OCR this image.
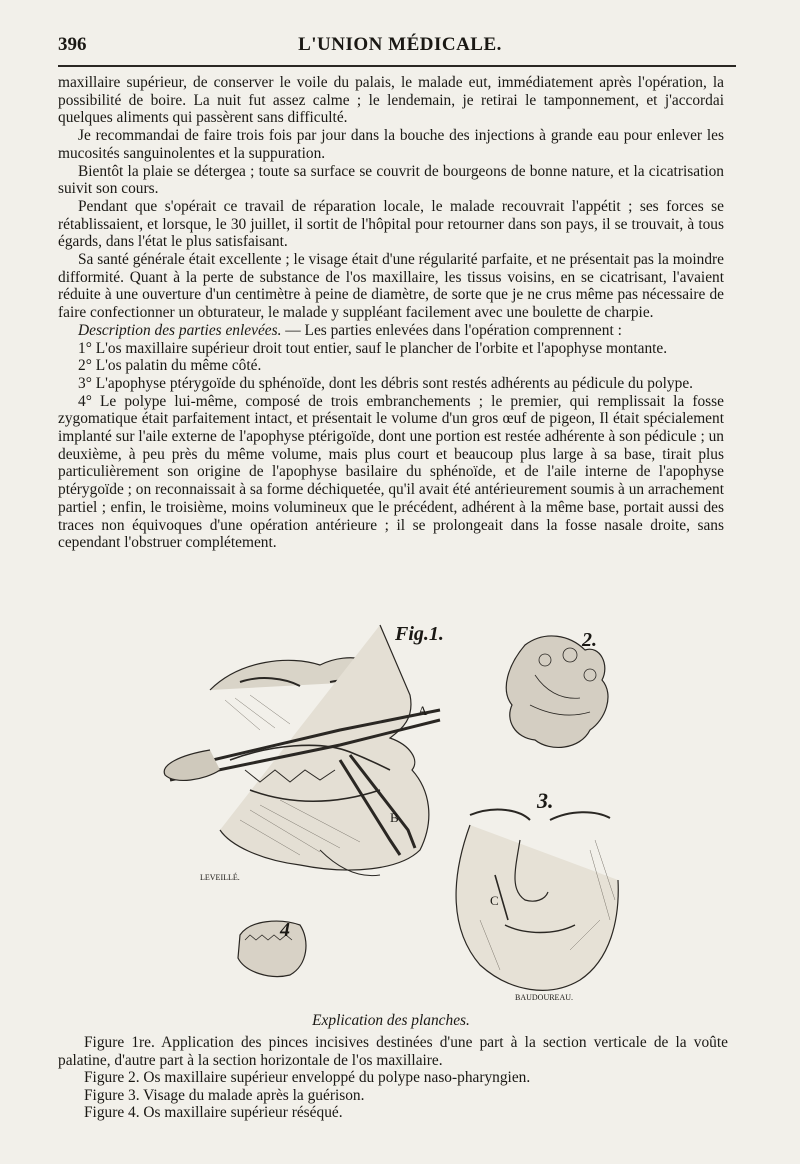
396	L'UNION MÉDICALE.

maxillaire supérieur, de conserver le voile du palais, le malade eut, immédiatement après l'opération, la possibilité de boire. La nuit fut assez calme ; le lendemain, je retirai le tamponnement, et j'accordai quelques aliments qui passèrent sans difficulté.

Je recommandai de faire trois fois par jour dans la bouche des injections à grande eau pour enlever les mucosités sanguinolentes et la suppuration.

Bientôt la plaie se détergea ; toute sa surface se couvrit de bourgeons de bonne nature, et la cicatrisation suivit son cours.

Pendant que s'opérait ce travail de réparation locale, le malade recouvrait l'appétit ; ses forces se rétablissaient, et lorsque, le 30 juillet, il sortit de l'hôpital pour retourner dans son pays, il se trouvait, à tous égards, dans l'état le plus satisfaisant.

Sa santé générale était excellente ; le visage était d'une régularité parfaite, et ne présentait pas la moindre difformité. Quant à la perte de substance de l'os maxillaire, les tissus voisins, en se cicatrisant, l'avaient réduite à une ouverture d'un centimètre à peine de diamètre, de sorte que je ne crus même pas nécessaire de faire confectionner un obturateur, le malade y suppléant facilement avec une boulette de charpie.

Description des parties enlevées. — Les parties enlevées dans l'opération comprennent :

1° L'os maxillaire supérieur droit tout entier, sauf le plancher de l'orbite et l'apophyse montante.

2° L'os palatin du même côté.

3° L'apophyse ptérygoïde du sphénoïde, dont les débris sont restés adhérents au pédicule du polype.

4° Le polype lui-même, composé de trois embranchements ; le premier, qui remplissait la fosse zygomatique était parfaitement intact, et présentait le volume d'un gros œuf de pigeon, Il était spécialement implanté sur l'aile externe de l'apophyse ptérigoïde, dont une portion est restée adhérente à son pédicule ; un deuxième, à peu près du même volume, mais plus court et beaucoup plus large à sa base, tirait plus particulièrement son origine de l'apophyse basilaire du sphénoïde, et de l'aile interne de l'apophyse ptérygoïde ; on reconnaissait à sa forme déchiquetée, qu'il avait été antérieurement soumis à un arrachement partiel ; enfin, le troisième, moins volumineux que le précédent, adhérent à la même base, portait aussi des traces non équivoques d'une opération antérieure ; il se prolongeait dans la fosse nasale droite, sans cependant l'obstruer complétement.

Fig.1.	2.
3.
4
A
B
C
LEVEILLÉ.
BAUDOUREAU.
Explication des planches.

Figure 1re. Application des pinces incisives destinées d'une part à la section verticale de la voûte palatine, d'autre part à la section horizontale de l'os maxillaire.

Figure 2. Os maxillaire supérieur enveloppé du polype naso-pharyngien.

Figure 3. Visage du malade après la guérison.

Figure 4. Os maxillaire supérieur réséqué.
